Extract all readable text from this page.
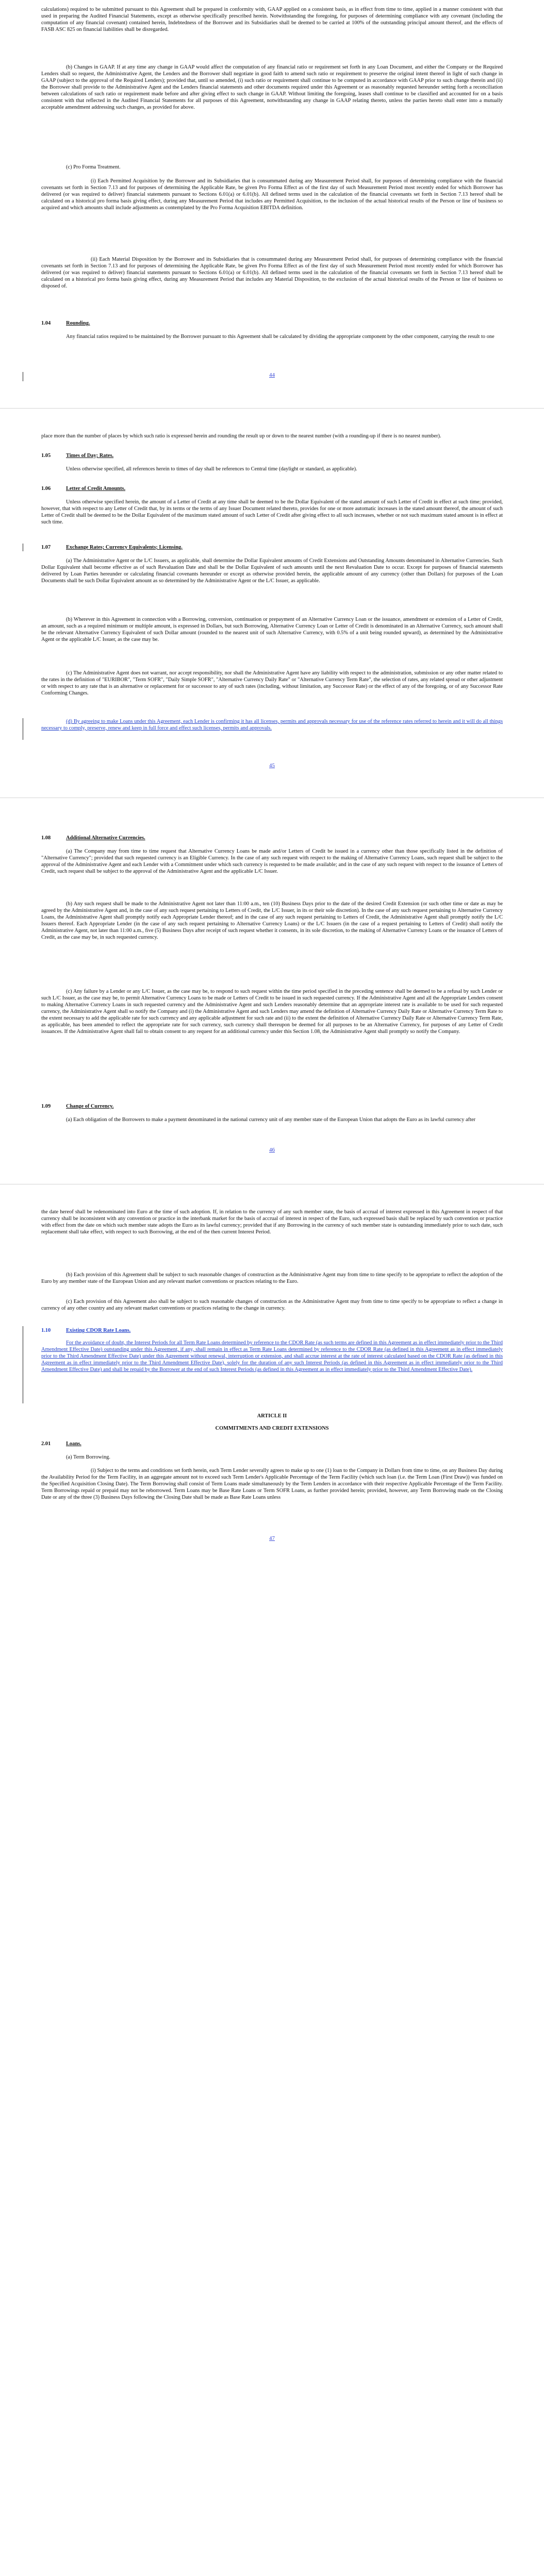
calculations) required to be submitted pursuant to this Agreement shall be prepared in conformity with, GAAP applied on a consistent basis, as in effect from time to time, applied in a manner consistent with that used in preparing the Audited Financial Statements, except as otherwise specifically prescribed herein. Notwithstanding the foregoing, for purposes of determining compliance with any covenant (including the computation of any financial covenant) contained herein, Indebtedness of the Borrower and its Subsidiaries shall be deemed to be carried at 100% of the outstanding principal amount thereof, and the effects of FASB ASC 825 on financial liabilities shall be disregarded.

(b) Changes in GAAP. If at any time any change in GAAP would affect the computation of any financial ratio or requirement set forth in any Loan Document, and either the Company or the Required Lenders shall so request, the Administrative Agent, the Lenders and the Borrower shall negotiate in good faith to amend such ratio or requirement to preserve the original intent thereof in light of such change in GAAP (subject to the approval of the Required Lenders); provided that, until so amended, (i) such ratio or requirement shall continue to be computed in accordance with GAAP prior to such change therein and (ii) the Borrower shall provide to the Administrative Agent and the Lenders financial statements and other documents required under this Agreement or as reasonably requested hereunder setting forth a reconciliation between calculations of such ratio or requirement made before and after giving effect to such change in GAAP. Without limiting the foregoing, leases shall continue to be classified and accounted for on a basis consistent with that reflected in the Audited Financial Statements for all purposes of this Agreement, notwithstanding any change in GAAP relating thereto, unless the parties hereto shall enter into a mutually acceptable amendment addressing such changes, as provided for above.

(c) Pro Forma Treatment.

(i) Each Permitted Acquisition by the Borrower and its Subsidiaries that is consummated during any Measurement Period shall, for purposes of determining compliance with the financial covenants set forth in Section 7.13 and for purposes of determining the Applicable Rate, be given Pro Forma Effect as of the first day of such Measurement Period most recently ended for which Borrower has delivered (or was required to deliver) financial statements pursuant to Sections 6.01(a) or 6.01(b). All defined terms used in the calculation of the financial covenants set forth in Section 7.13 hereof shall be calculated on a historical pro forma basis giving effect, during any Measurement Period that includes any Permitted Acquisition, to the inclusion of the actual historical results of the Person or line of business so acquired and which amounts shall include adjustments as contemplated by the Pro Forma Acquisition EBITDA definition.

(ii) Each Material Disposition by the Borrower and its Subsidiaries that is consummated during any Measurement Period shall, for purposes of determining compliance with the financial covenants set forth in Section 7.13 and for purposes of determining the Applicable Rate, be given Pro Forma Effect as of the first day of such Measurement Period most recently ended for which Borrower has delivered (or was required to deliver) financial statements pursuant to Sections 6.01(a) or 6.01(b). All defined terms used in the calculation of the financial covenants set forth in Section 7.13 hereof shall be calculated on a historical pro forma basis giving effect, during any Measurement Period that includes any Material Disposition, to the exclusion of the actual historical results of the Person or line of business so disposed of.

1.04	Rounding.

Any financial ratios required to be maintained by the Borrower pursuant to this Agreement shall be calculated by dividing the appropriate component by the other component, carrying the result to one

44

place more than the number of places by which such ratio is expressed herein and rounding the result up or down to the nearest number (with a rounding-up if there is no nearest number).

1.05	Times of Day; Rates.

Unless otherwise specified, all references herein to times of day shall be references to Central time (daylight or standard, as applicable).

1.06	Letter of Credit Amounts.

Unless otherwise specified herein, the amount of a Letter of Credit at any time shall be deemed to be the Dollar Equivalent of the stated amount of such Letter of Credit in effect at such time; provided, however, that with respect to any Letter of Credit that, by its terms or the terms of any Issuer Document related thereto, provides for one or more automatic increases in the stated amount thereof, the amount of such Letter of Credit shall be deemed to be the Dollar Equivalent of the maximum stated amount of such Letter of Credit after giving effect to all such increases, whether or not such maximum stated amount is in effect at such time.

1.07	Exchange Rates; Currency Equivalents; Licensing.

(a) The Administrative Agent or the L/C Issuers, as applicable, shall determine the Dollar Equivalent amounts of Credit Extensions and Outstanding Amounts denominated in Alternative Currencies. Such Dollar Equivalent shall become effective as of such Revaluation Date and shall be the Dollar Equivalent of such amounts until the next Revaluation Date to occur. Except for purposes of financial statements delivered by Loan Parties hereunder or calculating financial covenants hereunder or except as otherwise provided herein, the applicable amount of any currency (other than Dollars) for purposes of the Loan Documents shall be such Dollar Equivalent amount as so determined by the Administrative Agent or the L/C Issuer, as applicable.

(b) Wherever in this Agreement in connection with a Borrowing, conversion, continuation or prepayment of an Alternative Currency Loan or the issuance, amendment or extension of a Letter of Credit, an amount, such as a required minimum or multiple amount, is expressed in Dollars, but such Borrowing, Alternative Currency Loan or Letter of Credit is denominated in an Alternative Currency, such amount shall be the relevant Alternative Currency Equivalent of such Dollar amount (rounded to the nearest unit of such Alternative Currency, with 0.5% of a unit being rounded upward), as determined by the Administrative Agent or the applicable L/C Issuer, as the case may be.

(c) The Administrative Agent does not warrant, nor accept responsibility, nor shall the Administrative Agent have any liability with respect to the administration, submission or any other matter related to the rates in the definition of "EURIBOR", "Term SOFR", "Daily Simple SOFR", "Alternative Currency Daily Rate" or "Alternative Currency Term Rate", the selection of rates, any related spread or other adjustment or with respect to any rate that is an alternative or replacement for or successor to any of such rates (including, without limitation, any Successor Rate) or the effect of any of the foregoing, or of any Successor Rate Conforming Changes.

(d) By agreeing to make Loans under this Agreement, each Lender is confirming it has all licenses, permits and approvals necessary for use of the reference rates referred to herein and it will do all things necessary to comply, preserve, renew and keep in full force and effect such licenses, permits and approvals.

45
1.08	Additional Alternative Currencies.

(a) The Company may from time to time request that Alternative Currency Loans be made and/or Letters of Credit be issued in a currency other than those specifically listed in the definition of "Alternative Currency"; provided that such requested currency is an Eligible Currency. In the case of any such request with respect to the making of Alternative Currency Loans, such request shall be subject to the approval of the Administrative Agent and each Lender with a Commitment under which such currency is requested to be made available; and in the case of any such request with respect to the issuance of Letters of Credit, such request shall be subject to the approval of the Administrative Agent and the applicable L/C Issuer.

(b) Any such request shall be made to the Administrative Agent not later than 11:00 a.m., ten (10) Business Days prior to the date of the desired Credit Extension (or such other time or date as may be agreed by the Administrative Agent and, in the case of any such request pertaining to Letters of Credit, the L/C Issuer, in its or their sole discretion). In the case of any such request pertaining to Alternative Currency Loans, the Administrative Agent shall promptly notify each Appropriate Lender thereof; and in the case of any such request pertaining to Letters of Credit, the Administrative Agent shall promptly notify the L/C Issuers thereof. Each Appropriate Lender (in the case of any such request pertaining to Alternative Currency Loans) or the L/C Issuers (in the case of a request pertaining to Letters of Credit) shall notify the Administrative Agent, not later than 11:00 a.m., five (5) Business Days after receipt of such request whether it consents, in its sole discretion, to the making of Alternative Currency Loans or the issuance of Letters of Credit, as the case may be, in such requested currency.

(c) Any failure by a Lender or any L/C Issuer, as the case may be, to respond to such request within the time period specified in the preceding sentence shall be deemed to be a refusal by such Lender or such L/C Issuer, as the case may be, to permit Alternative Currency Loans to be made or Letters of Credit to be issued in such requested currency. If the Administrative Agent and all the Appropriate Lenders consent to making Alternative Currency Loans in such requested currency and the Administrative Agent and such Lenders reasonably determine that an appropriate interest rate is available to be used for such requested currency, the Administrative Agent shall so notify the Company and (i) the Administrative Agent and such Lenders may amend the definition of Alternative Currency Daily Rate or Alternative Currency Term Rate to the extent necessary to add the applicable rate for such currency and any applicable adjustment for such rate and (ii) to the extent the definition of Alternative Currency Daily Rate or Alternative Currency Term Rate, as applicable, has been amended to reflect the appropriate rate for such currency, such currency shall thereupon be deemed for all purposes to be an Alternative Currency, for purposes of any Letter of Credit issuances. If the Administrative Agent shall fail to obtain consent to any request for an additional currency under this Section 1.08, the Administrative Agent shall promptly so notify the Company.

1.09	Change of Currency.

(a) Each obligation of the Borrowers to make a payment denominated in the national currency unit of any member state of the European Union that adopts the Euro as its lawful currency after

46

the date hereof shall be redenominated into Euro at the time of such adoption. If, in relation to the currency of any such member state, the basis of accrual of interest expressed in this Agreement in respect of that currency shall be inconsistent with any convention or practice in the interbank market for the basis of accrual of interest in respect of the Euro, such expressed basis shall be replaced by such convention or practice with effect from the date on which such member state adopts the Euro as its lawful currency; provided that if any Borrowing in the currency of such member state is outstanding immediately prior to such date, such replacement shall take effect, with respect to such Borrowing, at the end of the then current Interest Period.

(b) Each provision of this Agreement shall be subject to such reasonable changes of construction as the Administrative Agent may from time to time specify to be appropriate to reflect the adoption of the Euro by any member state of the European Union and any relevant market conventions or practices relating to the Euro.

(c) Each provision of this Agreement also shall be subject to such reasonable changes of construction as the Administrative Agent may from time to time specify to be appropriate to reflect a change in currency of any other country and any relevant market conventions or practices relating to the change in currency.

1.10	Existing CDOR Rate Loans.

For the avoidance of doubt, the Interest Periods for all Term Rate Loans determined by reference to the CDOR Rate (as such terms are defined in this Agreement as in effect immediately prior to the Third Amendment Effective Date) outstanding under this Agreement, if any, shall remain in effect as Term Rate Loans determined by reference to the CDOR Rate (as defined in this Agreement as in effect immediately prior to the Third Amendment Effective Date) under this Agreement without renewal, interruption or extension, and shall accrue interest at the rate of interest calculated based on the CDOR Rate (as defined in this Agreement as in effect immediately prior to the Third Amendment Effective Date), solely for the duration of any such Interest Periods (as defined in this Agreement as in effect immediately prior to the Third Amendment Effective Date) and shall be repaid by the Borrower at the end of such Interest Periods (as defined in this Agreement as in effect immediately prior to the Third Amendment Effective Date).

ARTICLE II
COMMITMENTS AND CREDIT EXTENSIONS
2.01	Loans.

(a) Term Borrowing.

(i) Subject to the terms and conditions set forth herein, each Term Lender severally agrees to make up to one (1) loan to the Company in Dollars from time to time, on any Business Day during the Availability Period for the Term Facility, in an aggregate amount not to exceed such Term Lender's Applicable Percentage of the Term Facility (which such loan (i.e. the Term Loan (First Draw)) was funded on the Specified Acquisition Closing Date). The Term Borrowing shall consist of Term Loans made simultaneously by the Term Lenders in accordance with their respective Applicable Percentage of the Term Facility. Term Borrowings repaid or prepaid may not be reborrowed. Term Loans may be Base Rate Loans or Term SOFR Loans, as further provided herein; provided, however, any Term Borrowing made on the Closing Date or any of the three (3) Business Days following the Closing Date shall be made as Base Rate Loans unless

47
